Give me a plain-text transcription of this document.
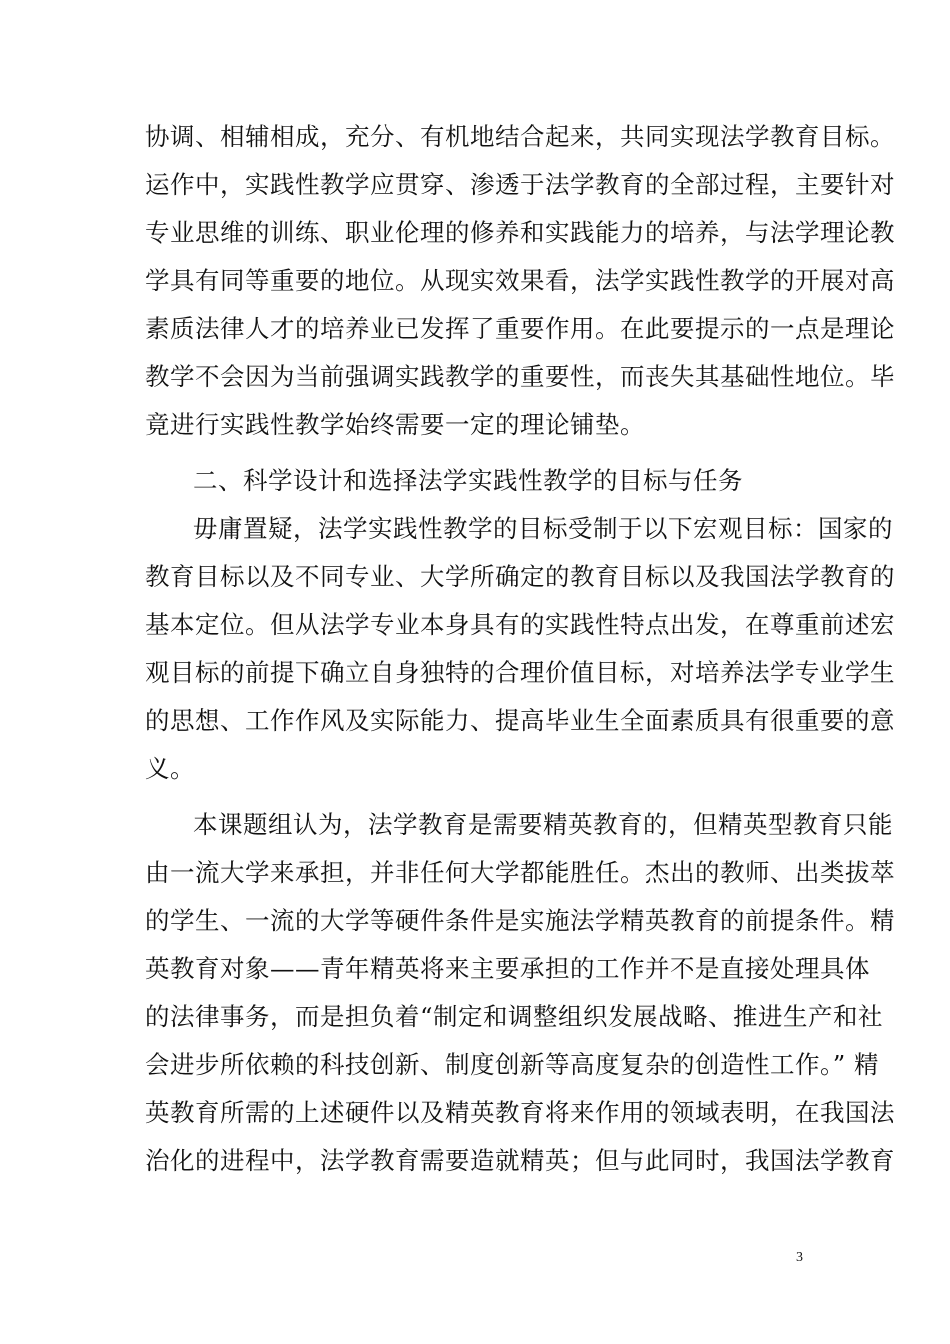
协调、相辅相成，充分、有机地结合起来，共同实现法学教育目标。
运作中，实践性教学应贯穿、渗透于法学教育的全部过程，主要针对
专业思维的训练、职业伦理的修养和实践能力的培养，与法学理论教
学具有同等重要的地位。从现实效果看，法学实践性教学的开展对高
素质法律人才的培养业已发挥了重要作用。在此要提示的一点是理论
教学不会因为当前强调实践教学的重要性，而丧失其基础性地位。毕
竟进行实践性教学始终需要一定的理论铺垫。
二、科学设计和选择法学实践性教学的目标与任务
毋庸置疑，法学实践性教学的目标受制于以下宏观目标：国家的
教育目标以及不同专业、大学所确定的教育目标以及我国法学教育的
基本定位。但从法学专业本身具有的实践性特点出发，在尊重前述宏
观目标的前提下确立自身独特的合理价值目标，对培养法学专业学生
的思想、工作作风及实际能力、提高毕业生全面素质具有很重要的意
义。
本课题组认为，法学教育是需要精英教育的，但精英型教育只能
由一流大学来承担，并非任何大学都能胜任。杰出的教师、出类拔萃
的学生、一流的大学等硬件条件是实施法学精英教育的前提条件。精
英教育对象——青年精英将来主要承担的工作并不是直接处理具体
的法律事务，而是担负着“制定和调整组织发展战略、推进生产和社
会进步所依赖的科技创新、制度创新等高度复杂的创造性工作。” 精
英教育所需的上述硬件以及精英教育将来作用的领域表明，在我国法
治化的进程中，法学教育需要造就精英；但与此同时，我国法学教育
3
